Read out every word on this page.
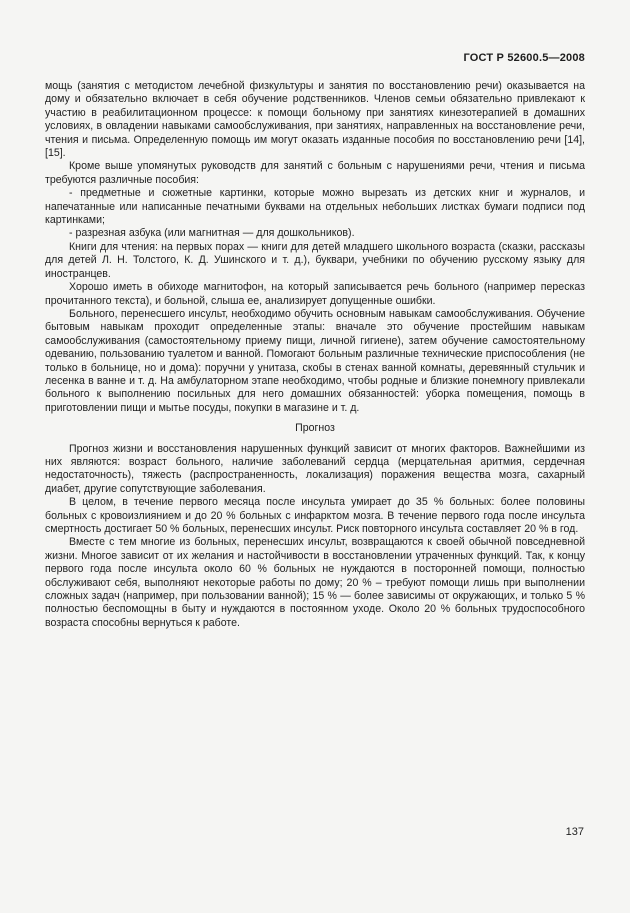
ГОСТ Р 52600.5—2008
мощь (занятия с методистом лечебной физкультуры и занятия по восстановлению речи) оказывается на дому и обязательно включает в себя обучение родственников. Членов семьи обязательно привлекают к участию в реабилитационном процессе: к помощи больному при занятиях кинезотерапией в домашних условиях, в овладении навыками самообслуживания, при занятиях, направленных на восстановление речи, чтения и письма. Определенную помощь им могут оказать изданные пособия по восстановлению речи [14], [15].
Кроме выше упомянутых руководств для занятий с больным с нарушениями речи, чтения и письма требуются различные пособия:
- предметные и сюжетные картинки, которые можно вырезать из детских книг и журналов, и напечатанные или написанные печатными буквами на отдельных небольших листках бумаги подписи под картинками;
- разрезная азбука (или магнитная — для дошкольников).
Книги для чтения: на первых порах — книги для детей младшего школьного возраста (сказки, рассказы для детей Л. Н. Толстого, К. Д. Ушинского и т. д.), буквари, учебники по обучению русскому языку для иностранцев.
Хорошо иметь в обиходе магнитофон, на который записывается речь больного (например пересказ прочитанного текста), и больной, слыша ее, анализирует допущенные ошибки.
Больного, перенесшего инсульт, необходимо обучить основным навыкам самообслуживания. Обучение бытовым навыкам проходит определенные этапы: вначале это обучение простейшим навыкам самообслуживания (самостоятельному приему пищи, личной гигиене), затем обучение самостоятельному одеванию, пользованию туалетом и ванной. Помогают больным различные технические приспособления (не только в больнице, но и дома): поручни у унитаза, скобы в стенах ванной комнаты, деревянный стульчик и лесенка в ванне и т. д. На амбулаторном этапе необходимо, чтобы родные и близкие понемногу привлекали больного к выполнению посильных для него домашних обязанностей: уборка помещения, помощь в приготовлении пищи и мытье посуды, покупки в магазине и т. д.
Прогноз
Прогноз жизни и восстановления нарушенных функций зависит от многих факторов. Важнейшими из них являются: возраст больного, наличие заболеваний сердца (мерцательная аритмия, сердечная недостаточность), тяжесть (распространенность, локализация) поражения вещества мозга, сахарный диабет, другие сопутствующие заболевания.
В целом, в течение первого месяца после инсульта умирает до 35 % больных: более половины больных с кровоизлиянием и до 20 % больных с инфарктом мозга. В течение первого года после инсульта смертность достигает 50 % больных, перенесших инсульт. Риск повторного инсульта составляет 20 % в год.
Вместе с тем многие из больных, перенесших инсульт, возвращаются к своей обычной повседневной жизни. Многое зависит от их желания и настойчивости в восстановлении утраченных функций. Так, к концу первого года после инсульта около 60 % больных не нуждаются в посторонней помощи, полностью обслуживают себя, выполняют некоторые работы по дому; 20 % – требуют помощи лишь при выполнении сложных задач (например, при пользовании ванной); 15 % — более зависимы от окружающих, и только 5 % полностью беспомощны в быту и нуждаются в постоянном уходе. Около 20 % больных трудоспособного возраста способны вернуться к работе.
137
